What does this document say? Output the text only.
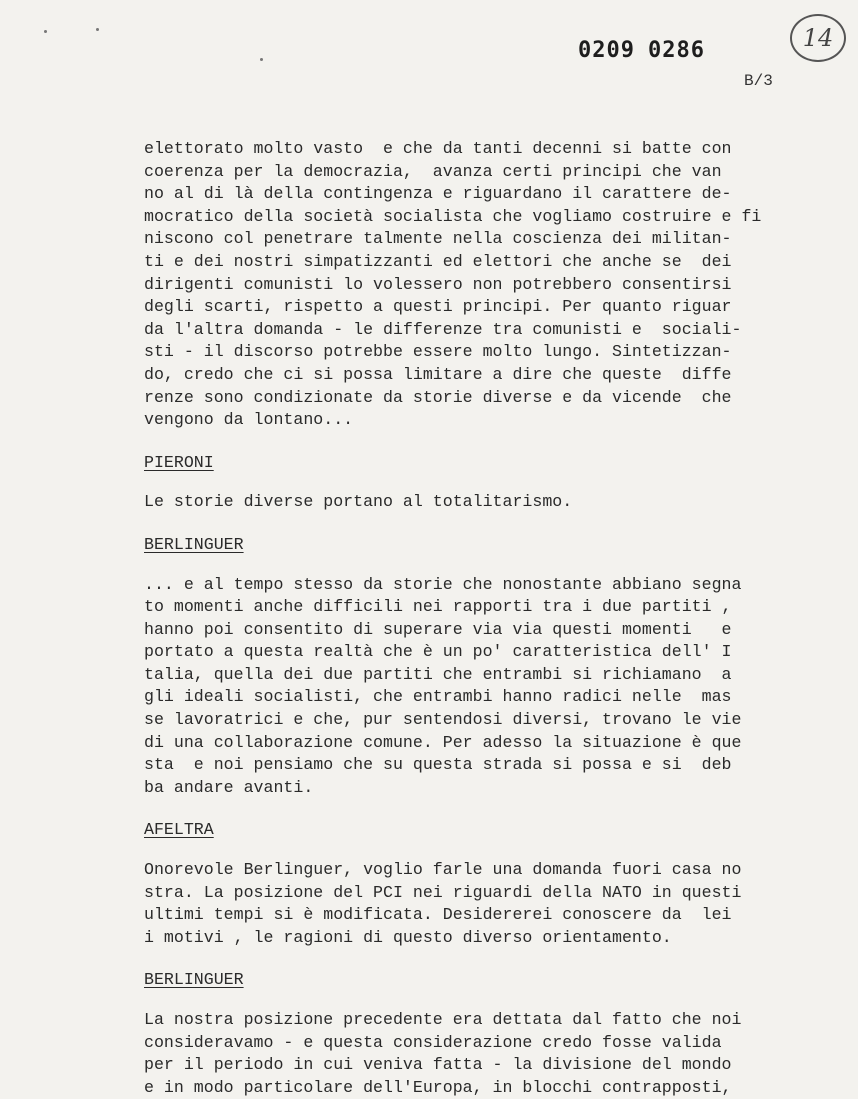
0209 0286
B/3
14

elettorato molto vasto  e che da tanti decenni si batte con
coerenza per la democrazia,  avanza certi principi che van
no al di là della contingenza e riguardano il carattere de-
mocratico della società socialista che vogliamo costruire e fi
niscono col penetrare talmente nella coscienza dei militan-
ti e dei nostri simpatizzanti ed elettori che anche se  dei
dirigenti comunisti lo volessero non potrebbero consentirsi
degli scarti, rispetto a questi principi. Per quanto riguar
da l'altra domanda - le differenze tra comunisti e  sociali-
sti - il discorso potrebbe essere molto lungo. Sintetizzan-
do, credo che ci si possa limitare a dire che queste  diffe
renze sono condizionate da storie diverse e da vicende  che
vengono da lontano...

PIERONI

Le storie diverse portano al totalitarismo.

BERLINGUER

... e al tempo stesso da storie che nonostante abbiano segna
to momenti anche difficili nei rapporti tra i due partiti ,
hanno poi consentito di superare via via questi momenti   e
portato a questa realtà che è un po' caratteristica dell' I
talia, quella dei due partiti che entrambi si richiamano  a
gli ideali socialisti, che entrambi hanno radici nelle  mas
se lavoratrici e che, pur sentendosi diversi, trovano le vie
di una collaborazione comune. Per adesso la situazione è que
sta  e noi pensiamo che su questa strada si possa e si  deb
ba andare avanti.

AFELTRA

Onorevole Berlinguer, voglio farle una domanda fuori casa no
stra. La posizione del PCI nei riguardi della NATO in questi
ultimi tempi si è modificata. Desidererei conoscere da  lei
i motivi , le ragioni di questo diverso orientamento.

BERLINGUER

La nostra posizione precedente era dettata dal fatto che noi
consideravamo - e questa considerazione credo fosse valida
per il periodo in cui veniva fatta - la divisione del mondo
e in modo particolare dell'Europa, in blocchi contrapposti,
